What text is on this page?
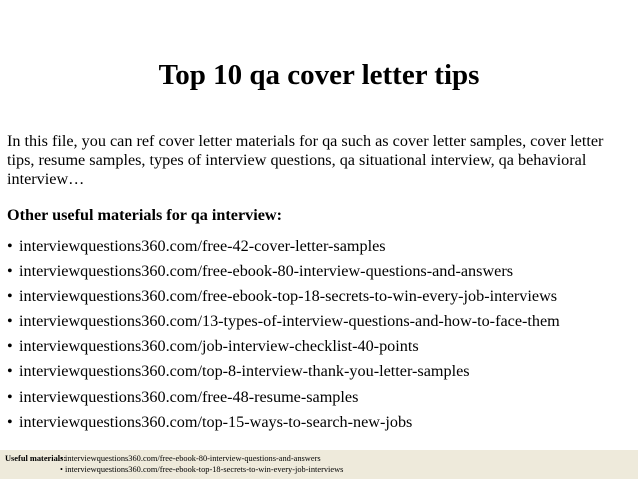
Top 10 qa cover letter tips

In this file, you can ref cover letter materials for qa such as cover letter samples, cover letter tips, resume samples, types of interview questions, qa situational interview, qa behavioral interview…

Other useful materials for qa interview:

• interviewquestions360.com/free-42-cover-letter-samples
• interviewquestions360.com/free-ebook-80-interview-questions-and-answers
• interviewquestions360.com/free-ebook-top-18-secrets-to-win-every-job-interviews
• interviewquestions360.com/13-types-of-interview-questions-and-how-to-face-them
• interviewquestions360.com/job-interview-checklist-40-points
• interviewquestions360.com/top-8-interview-thank-you-letter-samples
• interviewquestions360.com/free-48-resume-samples
• interviewquestions360.com/top-15-ways-to-search-new-jobs
Useful materials:
• interviewquestions360.com/free-ebook-80-interview-questions-and-answers
• interviewquestions360.com/free-ebook-top-18-secrets-to-win-every-job-interviews
